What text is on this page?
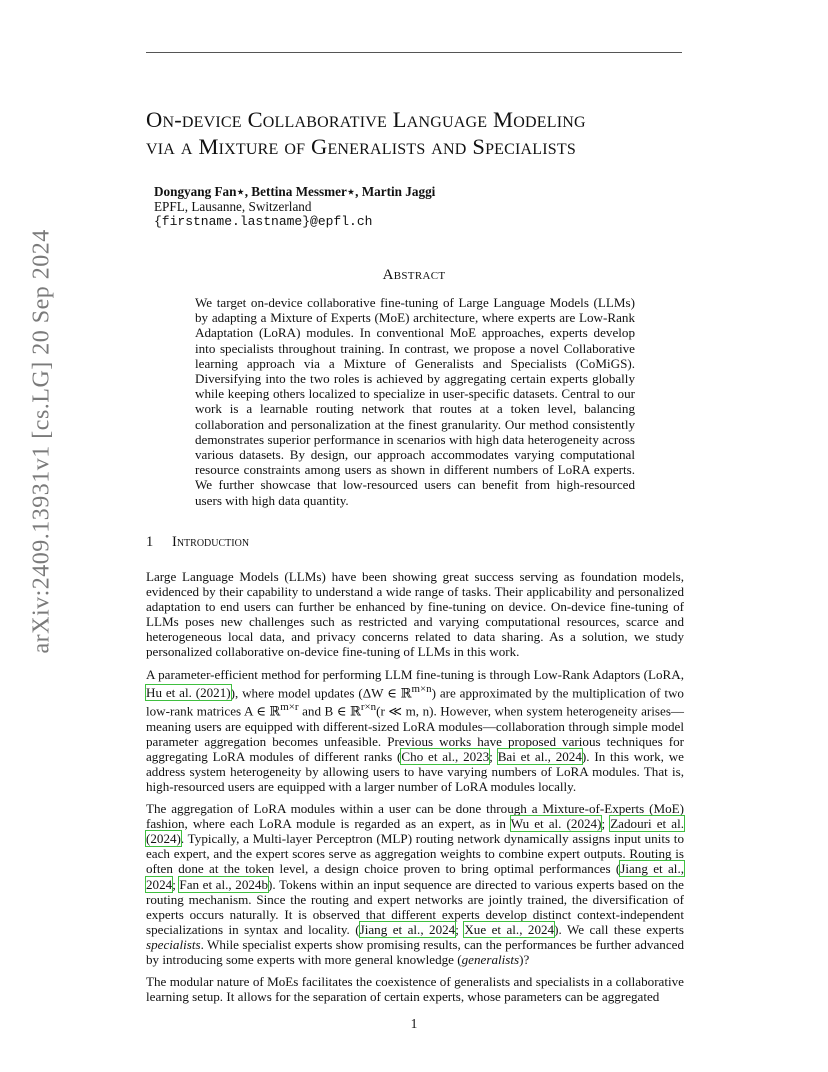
arXiv:2409.13931v1 [cs.LG] 20 Sep 2024
On-device Collaborative Language Modeling
via a Mixture of Generalists and Specialists
Dongyang Fan⋆, Bettina Messmer⋆, Martin Jaggi
EPFL, Lausanne, Switzerland
{firstname.lastname}@epfl.ch
Abstract
We target on-device collaborative fine-tuning of Large Language Models (LLMs) by adapting a Mixture of Experts (MoE) architecture, where experts are Low-Rank Adaptation (LoRA) modules. In conventional MoE approaches, experts develop into specialists throughout training. In contrast, we propose a novel Collaborative learning approach via a Mixture of Generalists and Specialists (CoMiGS). Diversifying into the two roles is achieved by aggregating certain experts globally while keeping others localized to specialize in user-specific datasets. Central to our work is a learnable routing network that routes at a token level, balancing collaboration and personalization at the finest granularity. Our method consistently demonstrates superior performance in scenarios with high data heterogeneity across various datasets. By design, our approach accommodates varying computational resource constraints among users as shown in different numbers of LoRA experts. We further showcase that low-resourced users can benefit from high-resourced users with high data quantity.
1 Introduction

Large Language Models (LLMs) have been showing great success serving as foundation models, evidenced by their capability to understand a wide range of tasks. Their applicability and personalized adaptation to end users can further be enhanced by fine-tuning on device. On-device fine-tuning of LLMs poses new challenges such as restricted and varying computational resources, scarce and heterogeneous local data, and privacy concerns related to data sharing. As a solution, we study personalized collaborative on-device fine-tuning of LLMs in this work.

A parameter-efficient method for performing LLM fine-tuning is through Low-Rank Adaptors (LoRA, Hu et al. (2021)), where model updates (ΔW ∈ ℝ$^{m\times n}$) are approximated by the multiplication of two low-rank matrices A ∈ ℝ$^{m\times r}$ and B ∈ ℝ$^{r\times n}$(r ≪ m, n). However, when system heterogeneity arises—meaning users are equipped with different-sized LoRA modules—collaboration through simple model parameter aggregation becomes unfeasible. Previous works have proposed various techniques for aggregating LoRA modules of different ranks (Cho et al., 2023; Bai et al., 2024). In this work, we address system heterogeneity by allowing users to have varying numbers of LoRA modules. That is, high-resourced users are equipped with a larger number of LoRA modules locally.

The aggregation of LoRA modules within a user can be done through a Mixture-of-Experts (MoE) fashion, where each LoRA module is regarded as an expert, as in Wu et al. (2024); Zadouri et al. (2024). Typically, a Multi-layer Perceptron (MLP) routing network dynamically assigns input units to each expert, and the expert scores serve as aggregation weights to combine expert outputs. Routing is often done at the token level, a design choice proven to bring optimal performances (Jiang et al., 2024; Fan et al., 2024b). Tokens within an input sequence are directed to various experts based on the routing mechanism. Since the routing and expert networks are jointly trained, the diversification of experts occurs naturally. It is observed that different experts develop distinct context-independent specializations in syntax and locality. (Jiang et al., 2024; Xue et al., 2024). We call these experts specialists. While specialist experts show promising results, can the performances be further advanced by introducing some experts with more general knowledge (generalists)?

The modular nature of MoEs facilitates the coexistence of generalists and specialists in a collaborative learning setup. It allows for the separation of certain experts, whose parameters can be aggregated

1
